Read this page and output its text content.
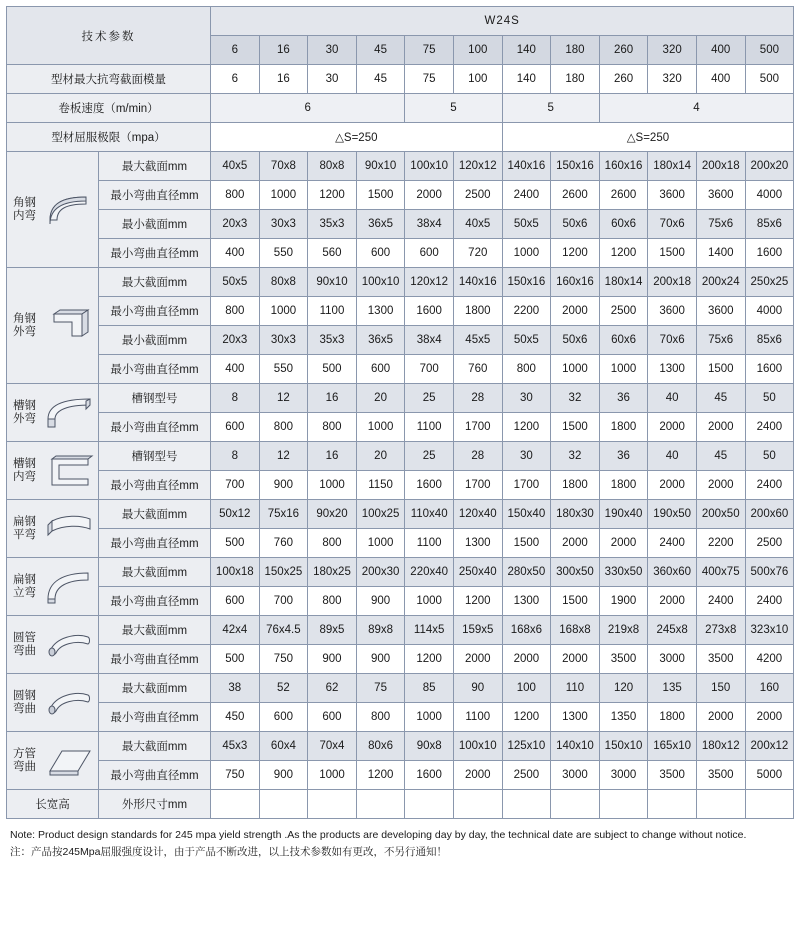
技术参数		W24S											
		6	16	30	45	75	100	140	180	260	320	400	500
型材最大抗弯截面模量		6	16	30	45	75	100	140	180	260	320	400	500
卷板速度（m/min）		6				5		5		4			
型材屈服极限（mpa）		△S=250						△S=250					

角钢
内弯	最大截面mm	40x5	70x8	80x8	90x10	100x10	120x12	140x16	150x16	160x16	180x14	200x18	200x20
	最小弯曲直径mm	800	1000	1200	1500	2000	2500	2400	2600	2600	3600	3600	4000
	最小截面mm	20x3	30x3	35x3	36x5	38x4	40x5	50x5	50x6	60x6	70x6	75x6	85x6
	最小弯曲直径mm	400	550	560	600	600	720	1000	1200	1200	1500	1400	1600

角钢
外弯	最大截面mm	50x5	80x8	90x10	100x10	120x12	140x16	150x16	160x16	180x14	200x18	200x24	250x25
	最小弯曲直径mm	800	1000	1100	1300	1600	1800	2200	2000	2500	3600	3600	4000
	最小截面mm	20x3	30x3	35x3	36x5	38x4	45x5	50x5	50x6	60x6	70x6	75x6	85x6
	最小弯曲直径mm	400	550	500	600	700	760	800	1000	1000	1300	1500	1600

槽钢
外弯	槽钢型号	8	12	16	20	25	28	30	32	36	40	45	50
	最小弯曲直径mm	600	800	800	1000	1100	1700	1200	1500	1800	2000	2000	2400

槽钢
内弯	槽钢型号	8	12	16	20	25	28	30	32	36	40	45	50
	最小弯曲直径mm	700	900	1000	1150	1600	1700	1700	1800	1800	2000	2000	2400

扁钢
平弯	最大截面mm	50x12	75x16	90x20	100x25	110x40	120x40	150x40	180x30	190x40	190x50	200x50	200x60
	最小弯曲直径mm	500	760	800	1000	1100	1300	1500	2000	2000	2400	2200	2500

扁钢
立弯	最大截面mm	100x18	150x25	180x25	200x30	220x40	250x40	280x50	300x50	330x50	360x60	400x75	500x76
	最小弯曲直径mm	600	700	800	900	1000	1200	1300	1500	1900	2000	2400	2400

圆管
弯曲	最大截面mm	42x4	76x4.5	89x5	89x8	114x5	159x5	168x6	168x8	219x8	245x8	273x8	323x10
	最小弯曲直径mm	500	750	900	900	1200	2000	2000	2000	3500	3000	3500	4200

圆钢
弯曲	最大截面mm	38	52	62	75	85	90	100	110	120	135	150	160
	最小弯曲直径mm	450	600	600	800	1000	1100	1200	1300	1350	1800	2000	2000

方管
弯曲	最大截面mm	45x3	60x4	70x4	80x6	90x8	100x10	125x10	140x10	150x10	165x10	180x12	200x12
	最小弯曲直径mm	750	900	1000	1200	1600	2000	2500	3000	3000	3500	3500	5000
长宽高	外形尺寸mm												
Note: Product design standards for 245 mpa yield strength .As the products are developing day by day, the technical date are subject to change without notice.
注：产品按245Mpa屈服强度设计，由于产品不断改进，以上技术参数如有更改，不另行通知！
